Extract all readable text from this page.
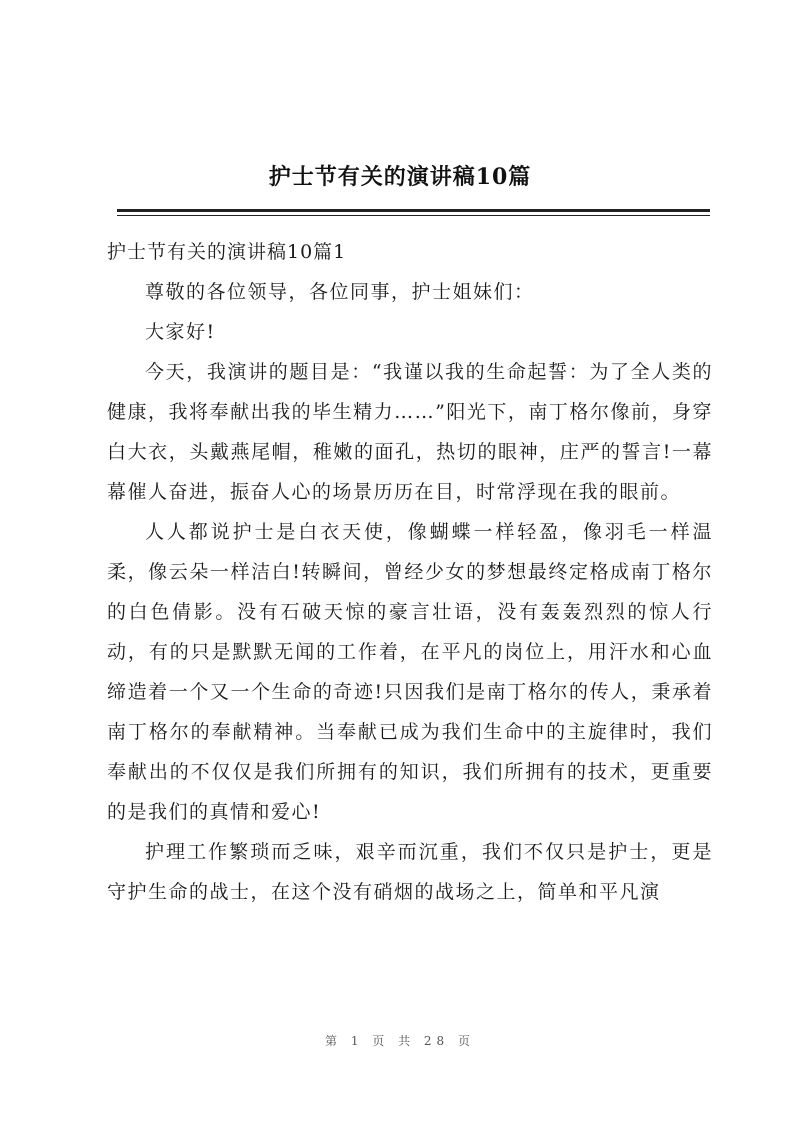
护士节有关的演讲稿10篇

护士节有关的演讲稿10篇1

尊敬的各位领导，各位同事，护士姐妹们：

大家好!

今天，我演讲的题目是：“我谨以我的生命起誓：为了全人类的健康，我将奉献出我的毕生精力……”阳光下，南丁格尔像前，身穿白大衣，头戴燕尾帽，稚嫩的面孔，热切的眼神，庄严的誓言!一幕幕催人奋进，振奋人心的场景历历在目，时常浮现在我的眼前。

人人都说护士是白衣天使，像蝴蝶一样轻盈，像羽毛一样温柔，像云朵一样洁白!转瞬间，曾经少女的梦想最终定格成南丁格尔的白色倩影。没有石破天惊的豪言壮语，没有轰轰烈烈的惊人行动，有的只是默默无闻的工作着，在平凡的岗位上，用汗水和心血缔造着一个又一个生命的奇迹!只因我们是南丁格尔的传人，秉承着南丁格尔的奉献精神。当奉献已成为我们生命中的主旋律时，我们奉献出的不仅仅是我们所拥有的知识，我们所拥有的技术，更重要的是我们的真情和爱心!

护理工作繁琐而乏味，艰辛而沉重，我们不仅只是护士，更是守护生命的战士，在这个没有硝烟的战场之上，简单和平凡演

第 1 页 共 28 页
